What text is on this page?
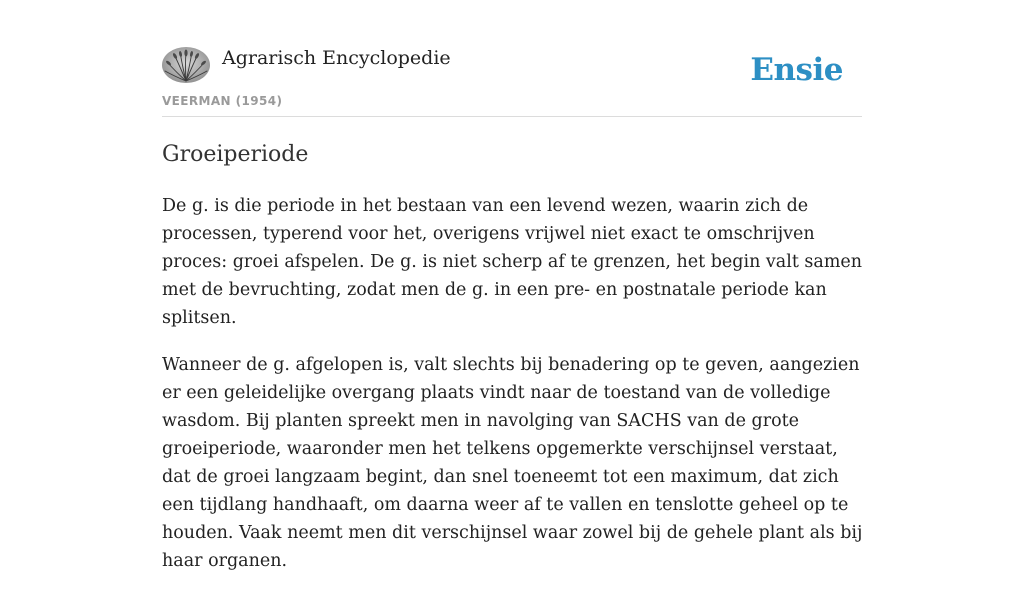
Agrarisch Encyclopedie
VEERMAN (1954)
Ensie
Groeiperiode

De g. is die periode in het bestaan van een levend wezen, waarin zich de processen, typerend voor het, overigens vrijwel niet exact te omschrijven proces: groei afspelen. De g. is niet scherp af te grenzen, het begin valt samen met de bevruchting, zodat men de g. in een pre- en postnatale periode kan splitsen.

Wanneer de g. afgelopen is, valt slechts bij benadering op te geven, aangezien er een geleidelijke overgang plaats vindt naar de toestand van de volledige wasdom. Bij planten spreekt men in navolging van SACHS van de grote groeiperiode, waaronder men het telkens opgemerkte verschijnsel verstaat, dat de groei langzaam begint, dan snel toeneemt tot een maximum, dat zich een tijdlang handhaaft, om daarna weer af te vallen en tenslotte geheel op te houden. Vaak neemt men dit verschijnsel waar zowel bij de gehele plant als bij haar organen.
